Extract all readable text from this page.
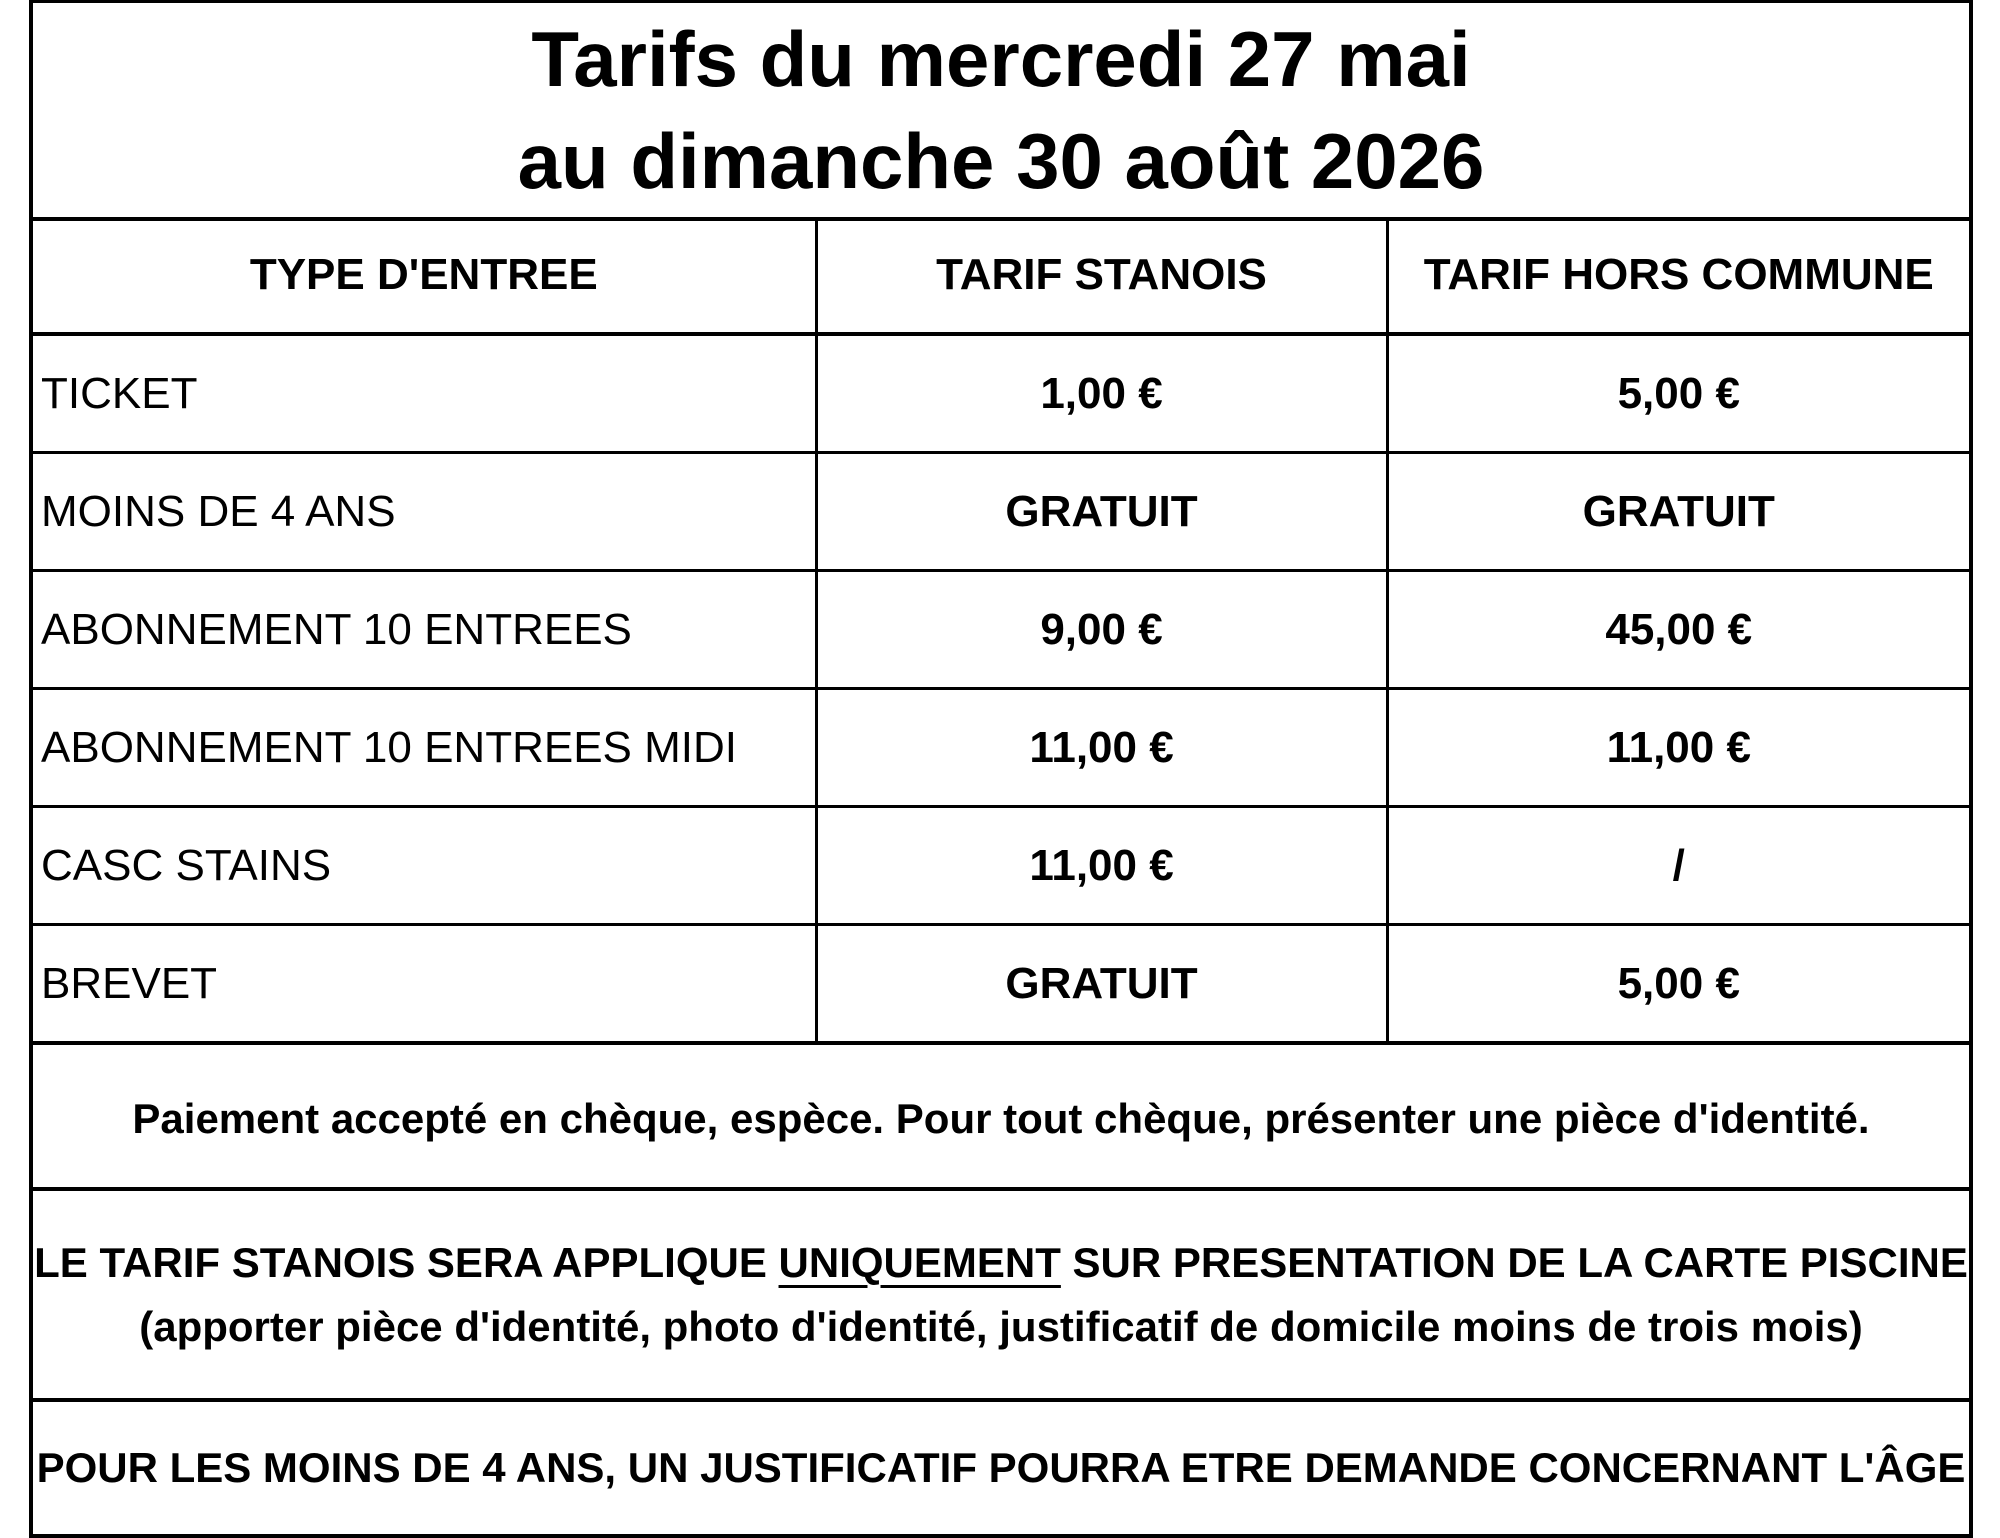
Tarifs du mercredi 27 mai
au dimanche 30 août 2026
TYPE D'ENTREE	TARIF STANOIS	TARIF HORS COMMUNE
TICKET	1,00 €	5,00 €
MOINS DE 4 ANS	GRATUIT	GRATUIT
ABONNEMENT 10 ENTREES	9,00 €	45,00 €
ABONNEMENT 10 ENTREES MIDI	11,00 €	11,00 €
CASC STAINS	11,00 €	/
BREVET	GRATUIT	5,00 €
Paiement accepté en chèque, espèce. Pour tout chèque, présenter une pièce d'identité.
LE TARIF STANOIS SERA APPLIQUE UNIQUEMENT SUR PRESENTATION DE LA CARTE PISCINE
(apporter pièce d'identité, photo d'identité, justificatif de domicile moins de trois mois)
POUR LES MOINS DE 4 ANS, UN JUSTIFICATIF POURRA ETRE DEMANDE CONCERNANT L'ÂGE
